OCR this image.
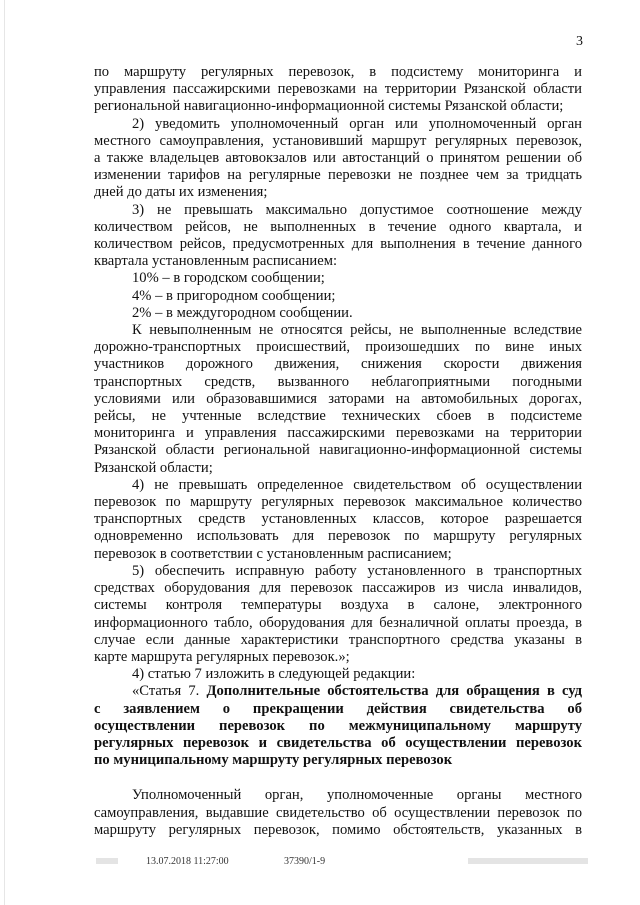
3
по маршруту регулярных перевозок, в подсистему мониторинга и
управления пассажирскими перевозками на территории Рязанской области
региональной навигационно-информационной системы Рязанской области;
2) уведомить уполномоченный орган или уполномоченный орган
местного самоуправления, установивший маршрут регулярных перевозок,
а также владельцев автовокзалов или автостанций о принятом решении об
изменении тарифов на регулярные перевозки не позднее чем за тридцать
дней до даты их изменения;
3) не превышать максимально допустимое соотношение между
количеством рейсов, не выполненных в течение одного квартала, и
количеством рейсов, предусмотренных для выполнения в течение данного
квартала установленным расписанием:
10% – в городском сообщении;
4% – в пригородном сообщении;
2% – в междугородном сообщении.
К невыполненным не относятся рейсы, не выполненные вследствие
дорожно-транспортных происшествий, произошедших по вине иных
участников дорожного движения, снижения скорости движения
транспортных средств, вызванного неблагоприятными погодными
условиями или образовавшимися заторами на автомобильных дорогах,
рейсы, не учтенные вследствие технических сбоев в подсистеме
мониторинга и управления пассажирскими перевозками на территории
Рязанской области региональной навигационно-информационной системы
Рязанской области;
4) не превышать определенное свидетельством об осуществлении
перевозок по маршруту регулярных перевозок максимальное количество
транспортных средств установленных классов, которое разрешается
одновременно использовать для перевозок по маршруту регулярных
перевозок в соответствии с установленным расписанием;
5) обеспечить исправную работу установленного в транспортных
средствах оборудования для перевозок пассажиров из числа инвалидов,
системы контроля температуры воздуха в салоне, электронного
информационного табло, оборудования для безналичной оплаты проезда, в
случае если данные характеристики транспортного средства указаны в
карте маршрута регулярных перевозок.»;
4) статью 7 изложить в следующей редакции:
«Статья 7. Дополнительные обстоятельства для обращения в суд
с заявлением о прекращении действия свидетельства об
осуществлении перевозок по межмуниципальному маршруту
регулярных перевозок и свидетельства об осуществлении перевозок
по муниципальному маршруту регулярных перевозок
Уполномоченный орган, уполномоченные органы местного
самоуправления, выдавшие свидетельство об осуществлении перевозок по
маршруту регулярных перевозок, помимо обстоятельств, указанных в
13.07.2018 11:27:00	37390/1-9
